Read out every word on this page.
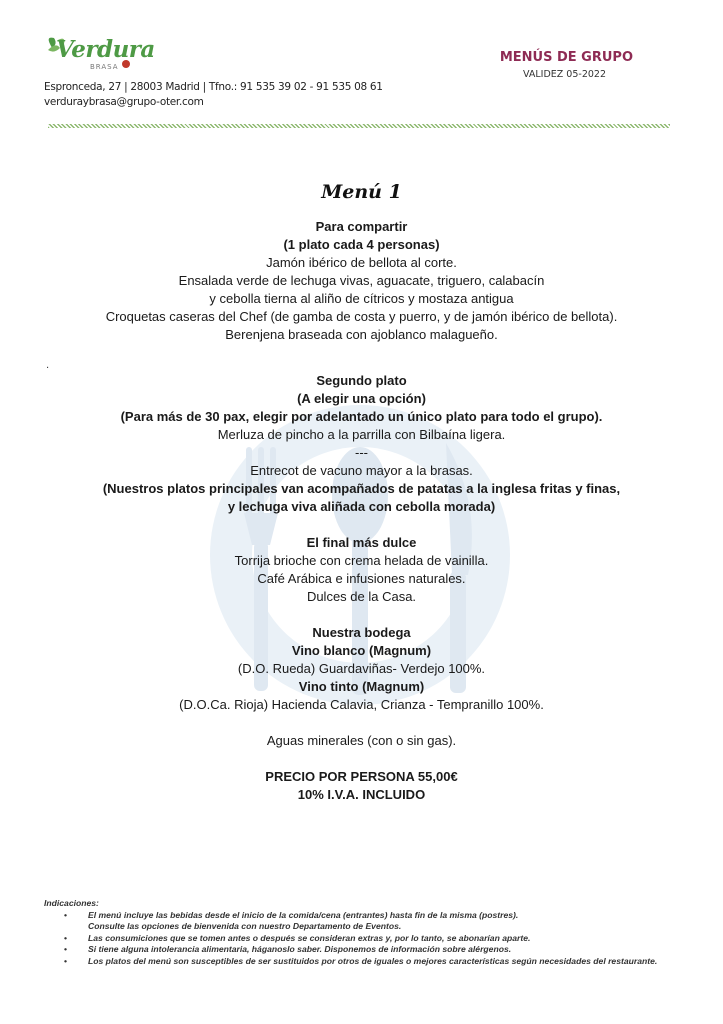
Verdura
BRASA
Espronceda, 27 | 28003 Madrid | Tfno.: 91 535 39 02 - 91 535 08 61
verduraybrasa@grupo-oter.com
MENÚS DE GRUPO
VALIDEZ 05-2022
.
Menú 1
Para compartir
(1 plato cada 4 personas)
Jamón ibérico de bellota al corte.
Ensalada verde de lechuga vivas, aguacate, triguero, calabacín
y cebolla tierna al aliño de cítricos y mostaza antigua
Croquetas caseras del Chef (de gamba de costa y puerro, y de jamón ibérico de bellota).
Berenjena braseada con ajoblanco malagueño.
Segundo plato
(A elegir una opción)
(Para más de 30 pax, elegir por adelantado un único plato para todo el grupo).
Merluza de pincho a la parrilla con Bilbaína ligera.
---
Entrecot de vacuno mayor a la brasas.
(Nuestros platos principales van acompañados de patatas a la inglesa fritas y finas,
y lechuga viva aliñada con cebolla morada)
El final más dulce
Torrija brioche con crema helada de vainilla.
Café Arábica e infusiones naturales.
Dulces de la Casa.
Nuestra bodega
Vino blanco (Magnum)
(D.O. Rueda) Guardaviñas- Verdejo 100%.
Vino tinto (Magnum)
(D.O.Ca. Rioja) Hacienda Calavia, Crianza - Tempranillo 100%.
Aguas minerales (con o sin gas).
PRECIO POR PERSONA 55,00€
10% I.V.A. INCLUIDO
Indicaciones:
• El menú incluye las bebidas desde el inicio de la comida/cena (entrantes) hasta fin de la misma (postres).
Consulte las opciones de bienvenida con nuestro Departamento de Eventos.
• Las consumiciones que se tomen antes o después se consideran extras y, por lo tanto, se abonarían aparte.
• Si tiene alguna intolerancia alimentaria, háganoslo saber. Disponemos de información sobre alérgenos.
• Los platos del menú son susceptibles de ser sustituidos por otros de iguales o mejores características según necesidades del restaurante.
